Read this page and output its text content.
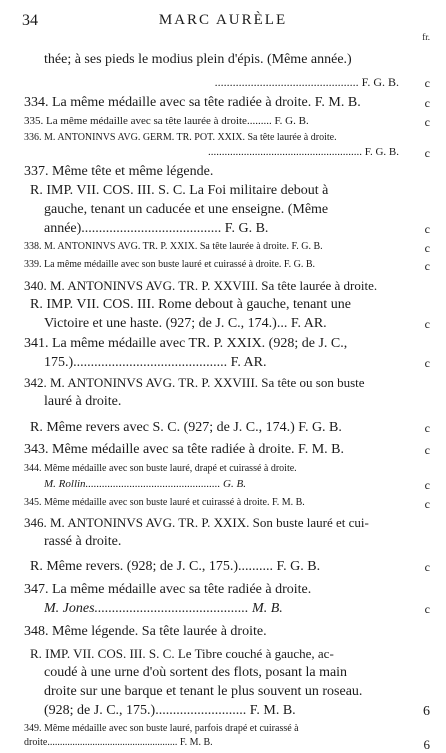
34	MARC AURÈLE
fr.
thée; à ses pieds le modius plein d'épis. (Même année.)
................................................ F. G. B. c
334. La même médaille avec sa tête radiée à droite. F. M. B.	c
335. La même médaille avec sa tête laurée à droite......... F. G. B.	c
336. M. ANTONINVS AVG. GERM. TR. POT. XXIX. Sa tête laurée à droite.
........................................................ F. G. B. c
337. Même tête et même légende.
R. IMP. VII. COS. III. S. C. La Foi militaire debout à
gauche, tenant un caducée et une enseigne. (Même
année)........................................ F. G. B.	c
338. M. ANTONINVS AVG. TR. P. XXIX. Sa tête laurée à droite. F. G. B.	c
339. La même médaille avec son buste lauré et cuirassé à droite. F. G. B.	c
340. M. ANTONINVS AVG. TR. P. XXVIII. Sa tête laurée à droite.
R. IMP. VII. COS. III. Rome debout à gauche, tenant une
Victoire et une haste. (927; de J. C., 174.)... F. AR.	c
341. La même médaille avec TR. P. XXIX. (928; de J. C.,
175.)............................................ F. AR.	c
342. M. ANTONINVS AVG. TR. P. XXVIII. Sa tête ou son buste
lauré à droite.
R. Même revers avec S. C. (927; de J. C., 174.) F. G. B.	c
343. Même médaille avec sa tête radiée à droite. F. M. B.	c
344. Même médaille avec son buste lauré, drapé et cuirassé à droite.
M. Rollin................................................. G. B.	c
345. Même médaille avec son buste lauré et cuirassé à droite. F. M. B.	c
346. M. ANTONINVS AVG. TR. P. XXIX. Son buste lauré et cui-
rassé à droite.
R. Même revers. (928; de J. C., 175.).......... F. G. B.	c
347. La même médaille avec sa tête radiée à droite.
M. Jones............................................ M. B.	c
348. Même légende. Sa tête laurée à droite.
R. IMP. VII. COS. III. S. C. Le Tibre couché à gauche, ac-
coudé à une urne d'où sortent des flots, posant la main
droite sur une barque et tenant le plus souvent un roseau.
(928; de J. C., 175.).......................... F. M. B.	6
349. Même médaille avec son buste lauré, parfois drapé et cuirassé à
droite.................................................... F. M. B.	6
